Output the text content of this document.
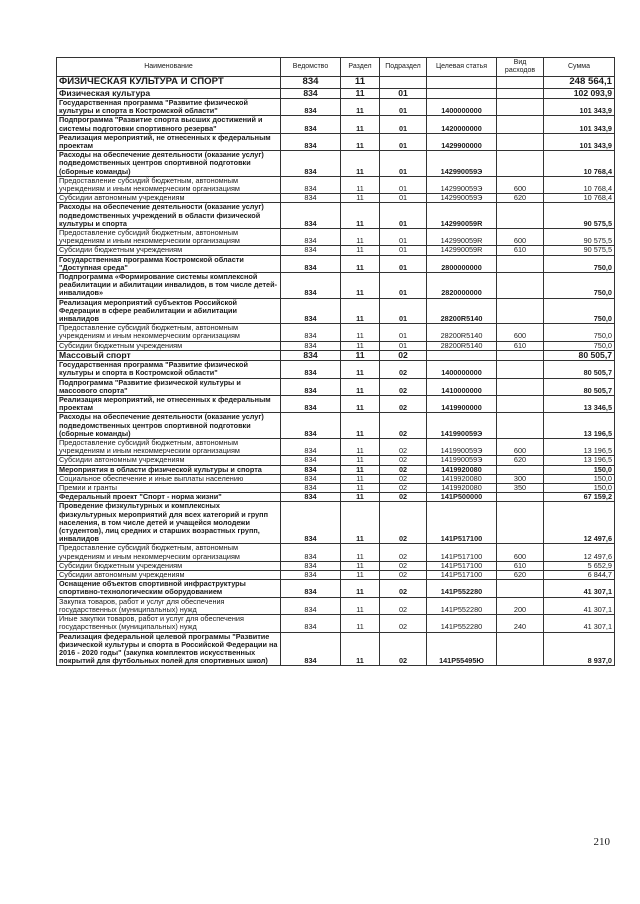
Наименование	Ведомство	Раздел	Подраздел	Целевая статья	Вид расходов	Сумма
ФИЗИЧЕСКАЯ КУЛЬТУРА И СПОРТ	834	11				248 564,1
Физическая культура	834	11	01			102 093,9
Государственная программа "Развитие физической культуры и спорта в Костромской области"	834	11	01	1400000000		101 343,9
Подпрограмма "Развитие спорта высших достижений и системы подготовки спортивного резерва"	834	11	01	1420000000		101 343,9
Реализация мероприятий, не отнесенных к федеральным проектам	834	11	01	1429900000		101 343,9
Расходы на обеспечение деятельности (оказание услуг) подведомственных центров спортивной подготовки (сборные команды)	834	11	01	142990059Э		10 768,4
Предоставление субсидий бюджетным, автономным учреждениям и иным некоммерческим организациям	834	11	01	142990059Э	600	10 768,4
Субсидии автономным учреждениям	834	11	01	142990059Э	620	10 768,4
Расходы на обеспечение деятельности (оказание услуг) подведомственных учреждений в области физической культуры и спорта	834	11	01	142990059R		90 575,5
Предоставление субсидий бюджетным, автономным учреждениям и иным некоммерческим организациям	834	11	01	142990059R	600	90 575,5
Субсидии бюджетным учреждениям	834	11	01	142990059R	610	90 575,5
Государственная программа Костромской области "Доступная среда"	834	11	01	2800000000		750,0
Подпрограмма «Формирование системы комплексной реабилитации и абилитации инвалидов, в том числе детей-инвалидов»	834	11	01	2820000000		750,0
Реализация мероприятий субъектов Российской Федерации в сфере реабилитации и абилитации инвалидов	834	11	01	28200R5140		750,0
Предоставление субсидий бюджетным, автономным учреждениям и иным некоммерческим организациям	834	11	01	28200R5140	600	750,0
Субсидии бюджетным учреждениям	834	11	01	28200R5140	610	750,0
Массовый спорт	834	11	02			80 505,7
Государственная программа "Развитие физической культуры и спорта в Костромской области"	834	11	02	1400000000		80 505,7
Подпрограмма "Развитие физической культуры и массового спорта"	834	11	02	1410000000		80 505,7
Реализация мероприятий, не отнесенных к федеральным проектам	834	11	02	1419900000		13 346,5
Расходы на обеспечение деятельности (оказание услуг) подведомственных центров спортивной подготовки (сборные команды)	834	11	02	141990059Э		13 196,5
Предоставление субсидий бюджетным, автономным учреждениям и иным некоммерческим организациям	834	11	02	141990059Э	600	13 196,5
Субсидии автономным учреждениям	834	11	02	141990059Э	620	13 196,5
Мероприятия в области физической культуры и спорта	834	11	02	1419920080		150,0
Социальное обеспечение и иные выплаты населению	834	11	02	1419920080	300	150,0
Премии и гранты	834	11	02	1419920080	350	150,0
Федеральный проект "Спорт - норма жизни"	834	11	02	141P500000		67 159,2
Проведение физкультурных и комплексных физкультурных мероприятий для всех категорий и групп населения, в том числе детей и учащейся молодежи (студентов), лиц средних и старших возрастных групп, инвалидов	834	11	02	141P517100		12 497,6
Предоставление субсидий бюджетным, автономным учреждениям и иным некоммерческим организациям	834	11	02	141P517100	600	12 497,6
Субсидии бюджетным учреждениям	834	11	02	141P517100	610	5 652,9
Субсидии автономным учреждениям	834	11	02	141P517100	620	6 844,7
Оснащение объектов спортивной инфраструктуры спортивно-технологическим оборудованием	834	11	02	141P552280		41 307,1
Закупка товаров, работ и услуг для обеспечения государственных (муниципальных) нужд	834	11	02	141P552280	200	41 307,1
Иные закупки товаров, работ и услуг для обеспечения государственных (муниципальных) нужд	834	11	02	141P552280	240	41 307,1
Реализация федеральной целевой программы "Развитие физической культуры и спорта в Российской Федерации на 2016 - 2020 годы" (закупка комплектов искусственных покрытий для футбольных полей для спортивных школ)	834	11	02	141P55495Ю		8 937,0
210
